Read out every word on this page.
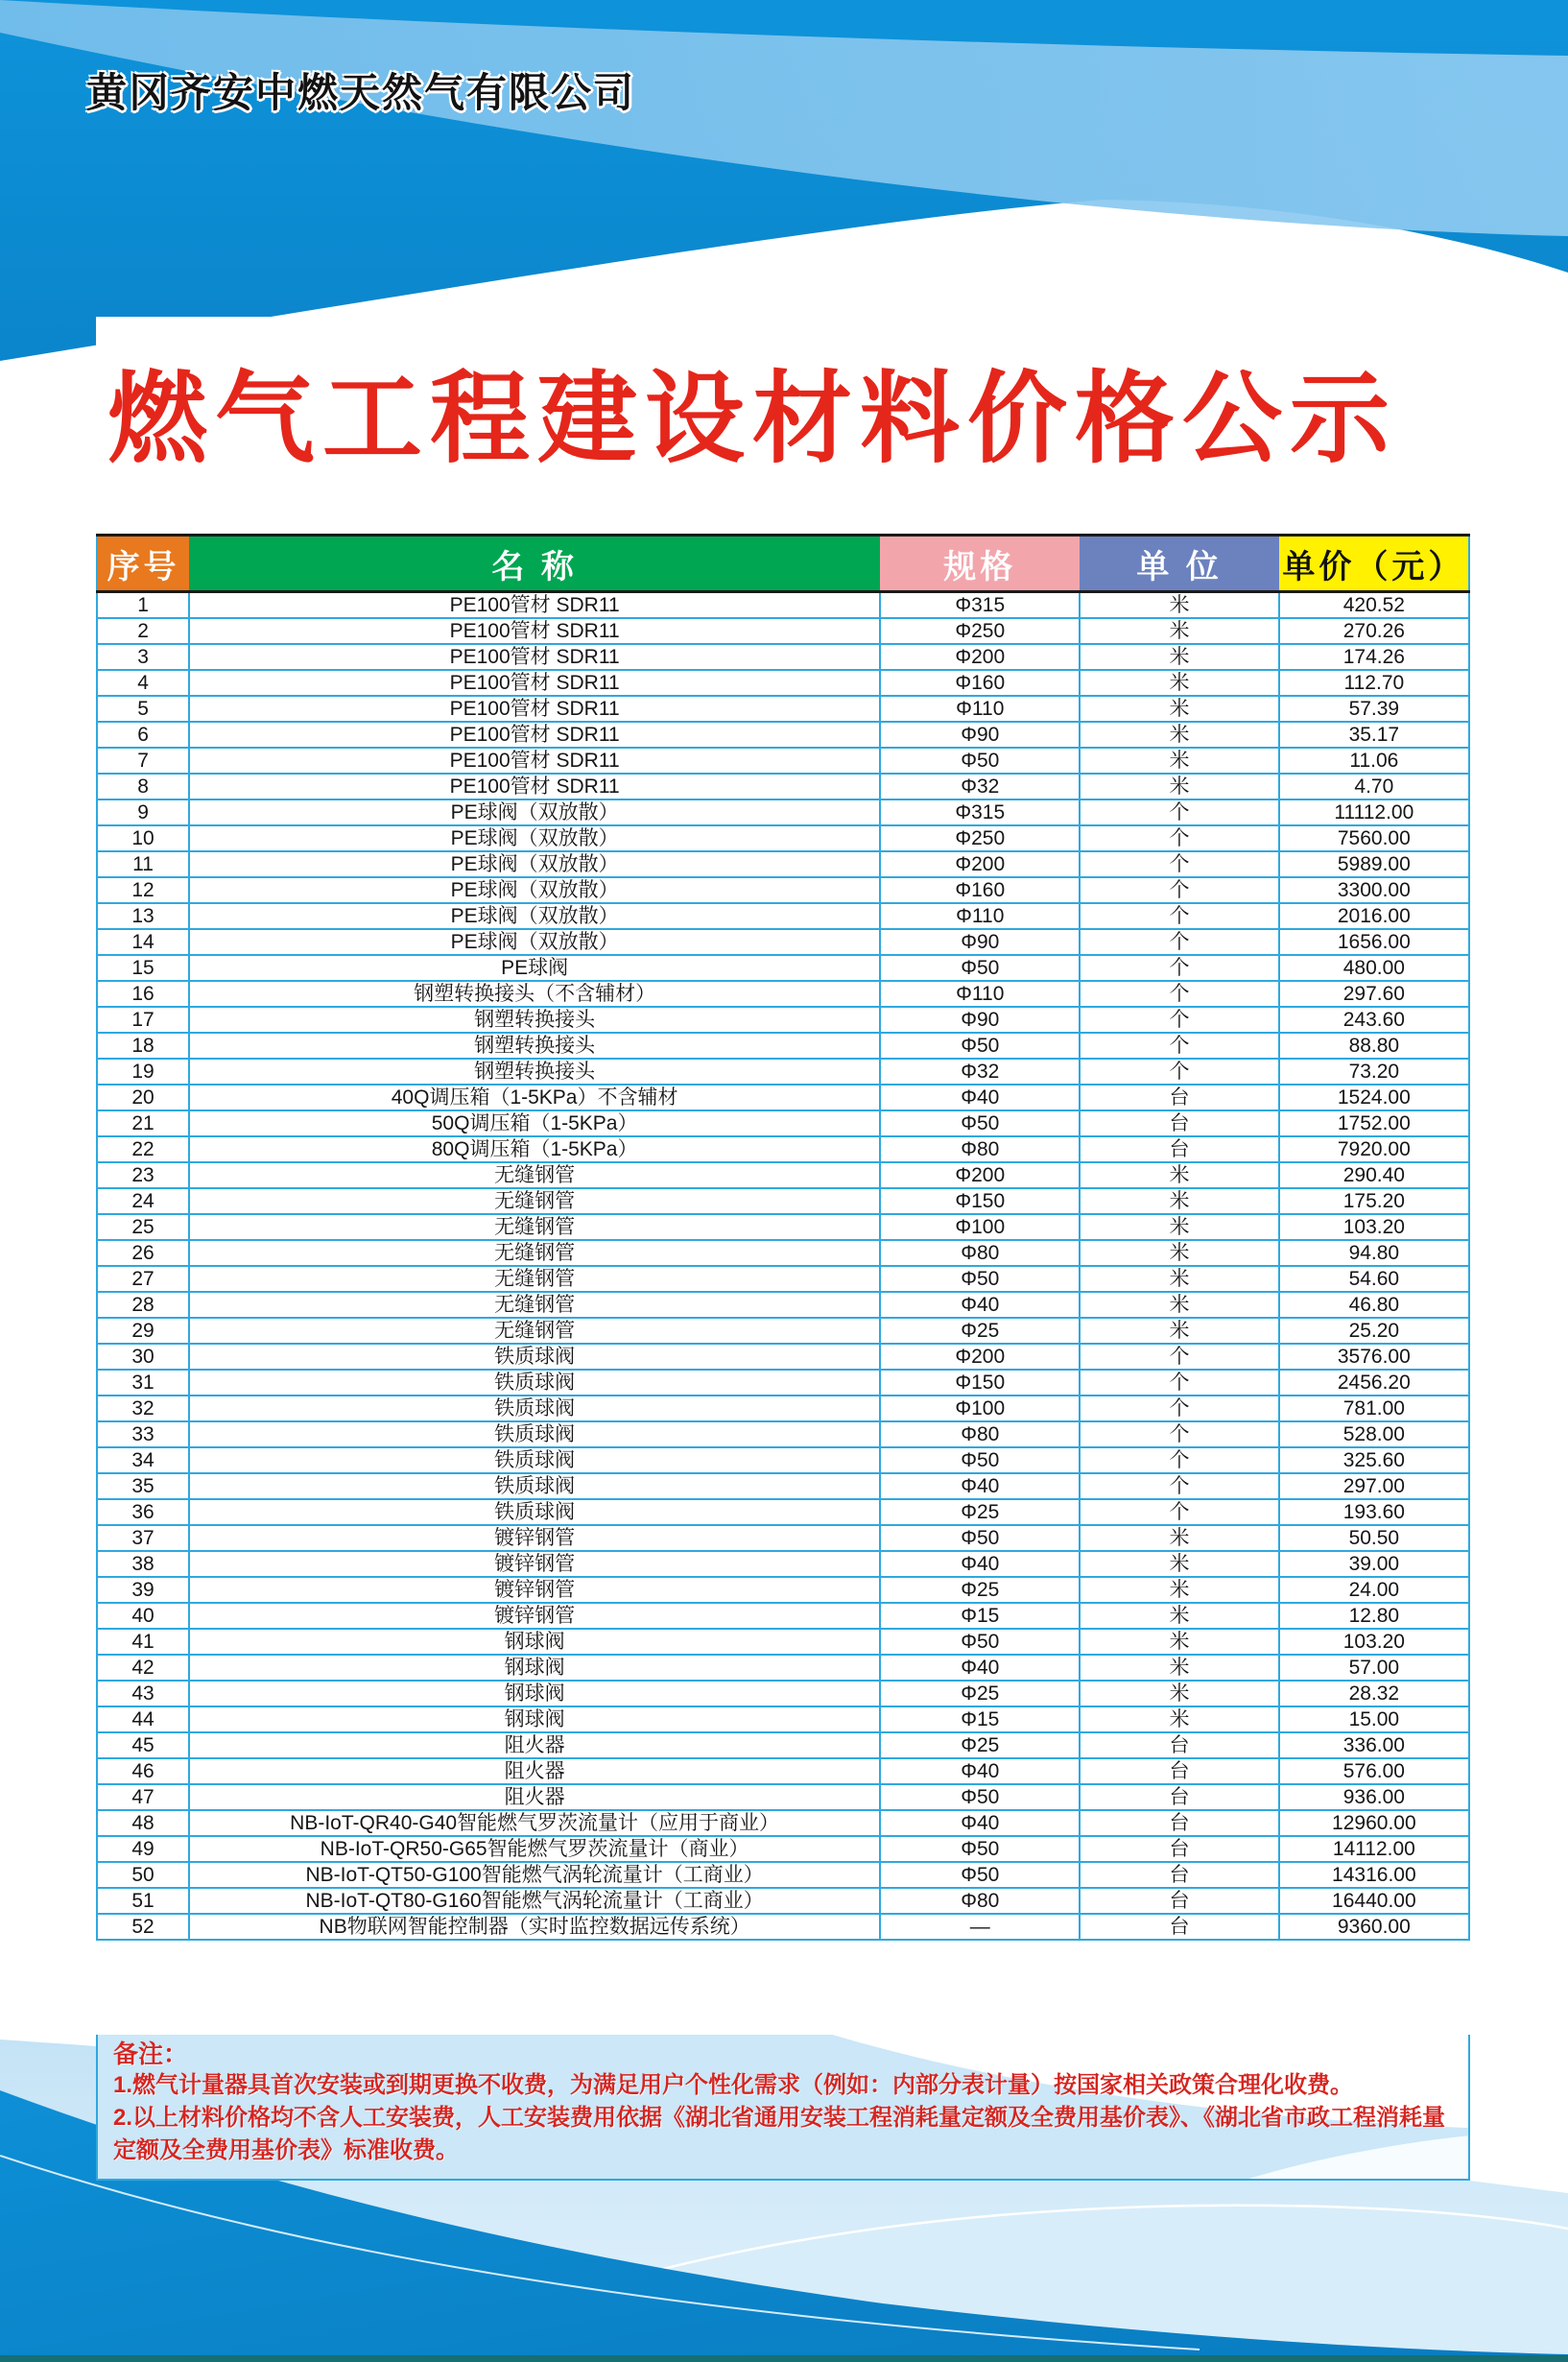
黄冈齐安中燃天然气有限公司
燃气工程建设材料价格公示
序号	名 称	规格	单 位	单价（元）
1	PE100管材 SDR11	Φ315	米	420.52
2	PE100管材 SDR11	Φ250	米	270.26
3	PE100管材 SDR11	Φ200	米	174.26
4	PE100管材 SDR11	Φ160	米	112.70
5	PE100管材 SDR11	Φ110	米	57.39
6	PE100管材 SDR11	Φ90	米	35.17
7	PE100管材 SDR11	Φ50	米	11.06
8	PE100管材 SDR11	Φ32	米	4.70
9	PE球阀（双放散）	Φ315	个	11112.00
10	PE球阀（双放散）	Φ250	个	7560.00
11	PE球阀（双放散）	Φ200	个	5989.00
12	PE球阀（双放散）	Φ160	个	3300.00
13	PE球阀（双放散）	Φ110	个	2016.00
14	PE球阀（双放散）	Φ90	个	1656.00
15	PE球阀	Φ50	个	480.00
16	钢塑转换接头（不含辅材）	Φ110	个	297.60
17	钢塑转换接头	Φ90	个	243.60
18	钢塑转换接头	Φ50	个	88.80
19	钢塑转换接头	Φ32	个	73.20
20	40Q调压箱（1-5KPa）不含辅材	Φ40	台	1524.00
21	50Q调压箱（1-5KPa）	Φ50	台	1752.00
22	80Q调压箱（1-5KPa）	Φ80	台	7920.00
23	无缝钢管	Φ200	米	290.40
24	无缝钢管	Φ150	米	175.20
25	无缝钢管	Φ100	米	103.20
26	无缝钢管	Φ80	米	94.80
27	无缝钢管	Φ50	米	54.60
28	无缝钢管	Φ40	米	46.80
29	无缝钢管	Φ25	米	25.20
30	铁质球阀	Φ200	个	3576.00
31	铁质球阀	Φ150	个	2456.20
32	铁质球阀	Φ100	个	781.00
33	铁质球阀	Φ80	个	528.00
34	铁质球阀	Φ50	个	325.60
35	铁质球阀	Φ40	个	297.00
36	铁质球阀	Φ25	个	193.60
37	镀锌钢管	Φ50	米	50.50
38	镀锌钢管	Φ40	米	39.00
39	镀锌钢管	Φ25	米	24.00
40	镀锌钢管	Φ15	米	12.80
41	钢球阀	Φ50	米	103.20
42	钢球阀	Φ40	米	57.00
43	钢球阀	Φ25	米	28.32
44	钢球阀	Φ15	米	15.00
45	阻火器	Φ25	台	336.00
46	阻火器	Φ40	台	576.00
47	阻火器	Φ50	台	936.00
48	NB-IoT-QR40-G40智能燃气罗茨流量计（应用于商业）	Φ40	台	12960.00
49	NB-IoT-QR50-G65智能燃气罗茨流量计（商业）	Φ50	台	14112.00
50	NB-IoT-QT50-G100智能燃气涡轮流量计（工商业）	Φ50	台	14316.00
51	NB-IoT-QT80-G160智能燃气涡轮流量计（工商业）	Φ80	台	16440.00
52	NB物联网智能控制器（实时监控数据远传系统）	—	台	9360.00
备注：
1.燃气计量器具首次安装或到期更换不收费，为满足用户个性化需求（例如：内部分表计量）按国家相关政策合理化收费。
2.以上材料价格均不含人工安装费，人工安装费用依据《湖北省通用安装工程消耗量定额及全费用基价表》、《湖北省市政工程消耗量定额及全费用基价表》标准收费。
